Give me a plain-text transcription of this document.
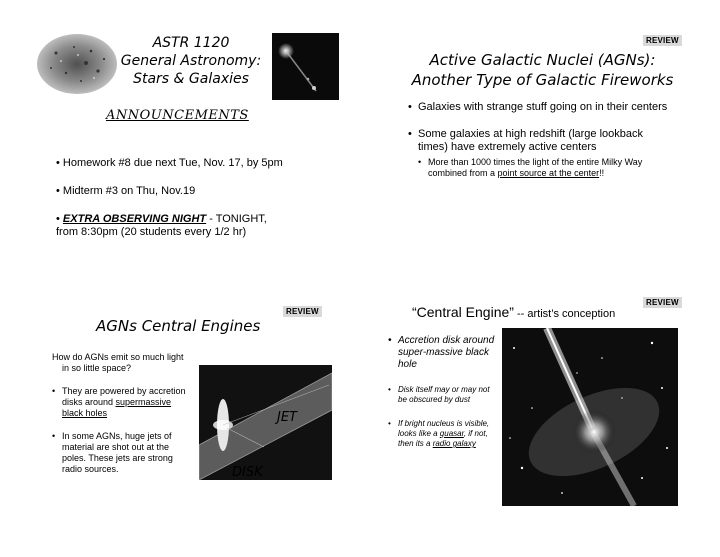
ASTR 1120
General Astronomy:
Stars & Galaxies
ANNOUNCEMENTS

• Homework #8 due next Tue, Nov. 17, by 5pm

• Midterm #3 on Thu, Nov.19

• EXTRA OBSERVING NIGHT - TONIGHT,

from 8:30pm (20 students every 1/2 hr)

REVIEW
Active Galactic Nuclei (AGNs):
Another Type of Galactic Fireworks
• Galaxies with strange stuff going on in their centers
• Some galaxies at high redshift (large lookback times) have extremely active centers
• More than 1000 times the light of the entire Milky Way combined from a point source at the center!!
REVIEW
AGNs Central Engines
How do AGNs emit so much light in so little space?
• They are powered by accretion disks around supermassive black holes
• In some AGNs, huge jets of material are shot out at the poles. These jets are strong radio sources.
JET
DISK
REVIEW
“Central Engine” -- artist’s conception
• Accretion disk around super-massive black hole
• Disk itself may or may not be obscured by dust
• If bright nucleus is visible, looks like a quasar, if not, then its a radio galaxy
